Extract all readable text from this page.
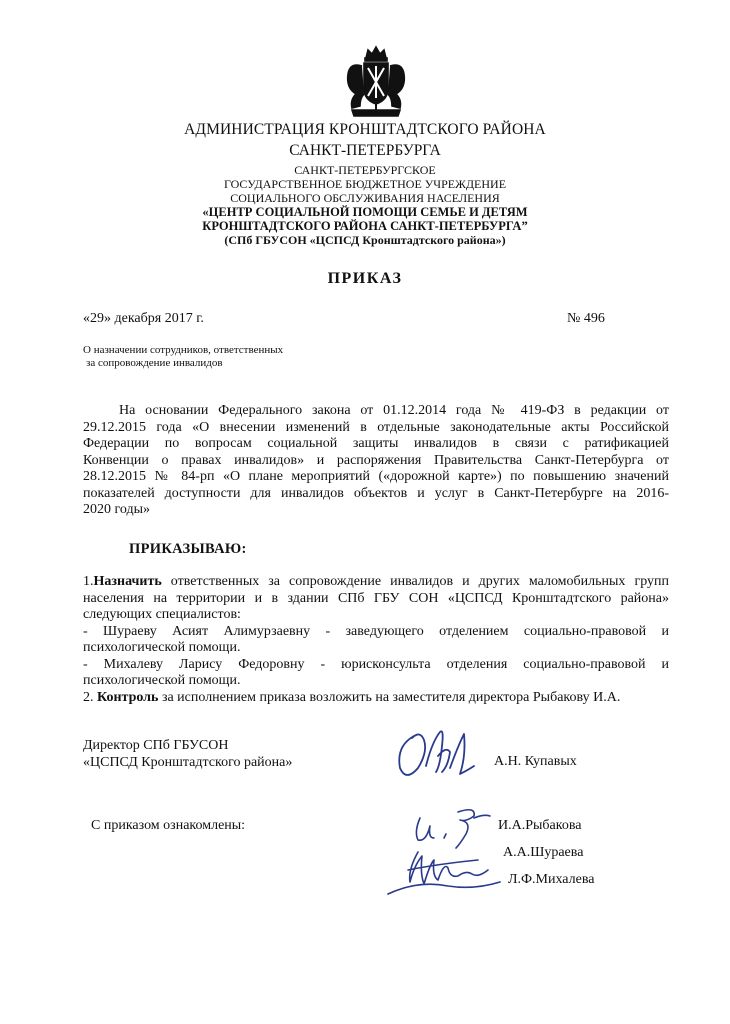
АДМИНИСТРАЦИЯ КРОНШТАДТСКОГО РАЙОНА
САНКТ-ПЕТЕРБУРГА
САНКТ-ПЕТЕРБУРГСКОЕ
ГОСУДАРСТВЕННОЕ БЮДЖЕТНОЕ УЧРЕЖДЕНИЕ
СОЦИАЛЬНОГО ОБСЛУЖИВАНИЯ НАСЕЛЕНИЯ
«ЦЕНТР СОЦИАЛЬНОЙ ПОМОЩИ СЕМЬЕ И ДЕТЯМ
КРОНШТАДТСКОГО РАЙОНА САНКТ-ПЕТЕРБУРГА”
(СПб ГБУСОН «ЦСПСД Кронштадтского района»)
ПРИКАЗ
«29» декабря 2017 г.	№ 496
О назначении сотрудников, ответственных
за сопровождение инвалидов
На основании Федерального закона от 01.12.2014 года № 419-ФЗ в редакции от
29.12.2015 года «О внесении изменений в отдельные законодательные акты Российской
Федерации по вопросам социальной защиты инвалидов в связи с ратификацией
Конвенции о правах инвалидов» и распоряжения Правительства Санкт-Петербурга от
28.12.2015 № 84-рп «О плане мероприятий («дорожной карте») по повышению значений
показателей доступности для инвалидов объектов и услуг в Санкт-Петербурге на 2016-
2020 годы»
ПРИКАЗЫВАЮ:
1.Назначить ответственных за сопровождение инвалидов и других маломобильных групп
населения на территории и в здании СПб ГБУ СОН «ЦСПСД Кронштадтского района»
следующих специалистов:
- Шураеву Асият Алимурзаевну - заведующего отделением социально-правовой и
психологической помощи.
- Михалеву Ларису Федоровну - юрисконсульта отделения социально-правовой и
психологической помощи.
2. Контроль за исполнением приказа возложить на заместителя директора Рыбакову И.А.
Директор СПб ГБУСОН
«ЦСПСД Кронштадтского района»	А.Н. Купавых
С приказом ознакомлены:	И.А.Рыбакова
А.А.Шураева
Л.Ф.Михалева
